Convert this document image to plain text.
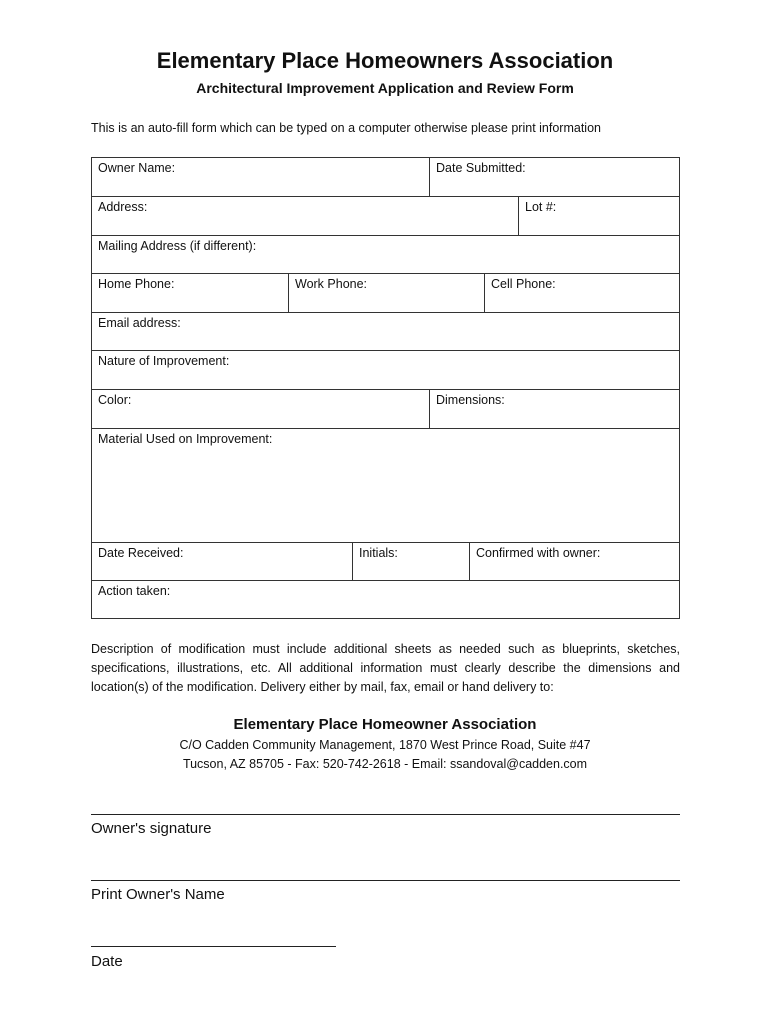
Elementary Place Homeowners Association
Architectural Improvement Application and Review Form
This is an auto-fill form which can be typed on a computer otherwise please print information
Owner Name:	Date Submitted:
Address:	Lot #:
Mailing Address (if different):
Home Phone:	Work Phone:	Cell Phone:
Email address:
Nature of Improvement:
Color:	Dimensions:
Material Used on Improvement:
Date Received:	Initials:	Confirmed with owner:
Action taken:
Description of modification must include additional sheets as needed such as blueprints, sketches, specifications, illustrations, etc. All additional information must clearly describe the dimensions and location(s) of the modification. Delivery either by mail, fax, email or hand delivery to:
Elementary Place Homeowner Association
C/O Cadden Community Management, 1870 West Prince Road, Suite #47
Tucson, AZ 85705 - Fax: 520-742-2618 - Email: ssandoval@cadden.com
Owner's signature
Print Owner's Name
Date
